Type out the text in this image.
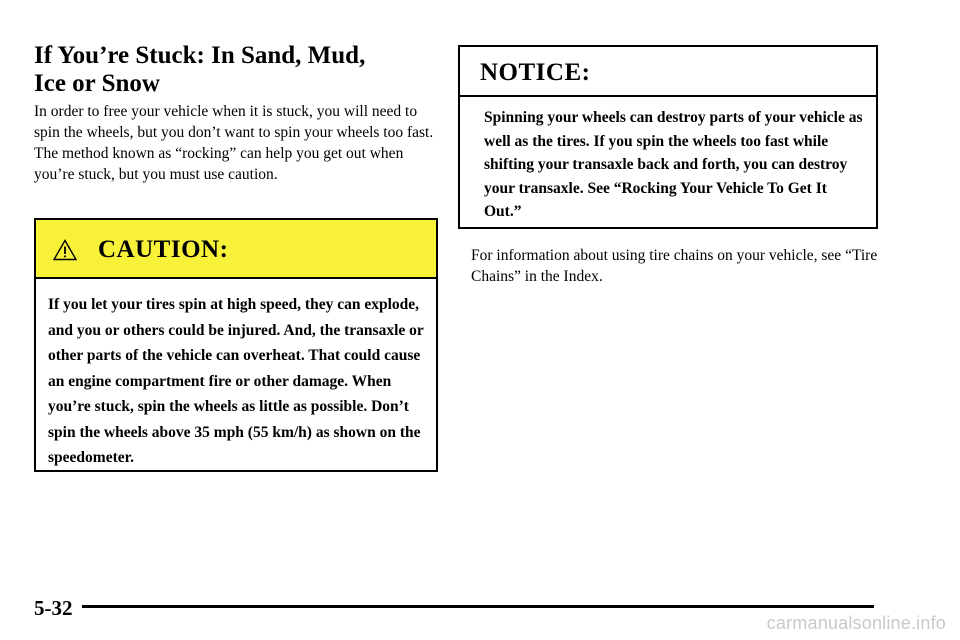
If You’re Stuck: In Sand, Mud,
Ice or Snow

In order to free your vehicle when it is stuck, you will need to spin the wheels, but you don’t want to spin your wheels too fast. The method known as “rocking” can help you get out when you’re stuck, but you must use caution.

CAUTION:

If you let your tires spin at high speed, they can explode, and you or others could be injured. And, the transaxle or other parts of the vehicle can overheat. That could cause an engine compartment fire or other damage. When you’re stuck, spin the wheels as little as possible. Don’t spin the wheels above 35 mph (55 km/h) as shown on the speedometer.

NOTICE:

Spinning your wheels can destroy parts of your vehicle as well as the tires. If you spin the wheels too fast while shifting your transaxle back and forth, you can destroy your transaxle. See “Rocking Your Vehicle To Get It Out.”

For information about using tire chains on your vehicle, see “Tire Chains” in the Index.

5-32
carmanualsonline.info
